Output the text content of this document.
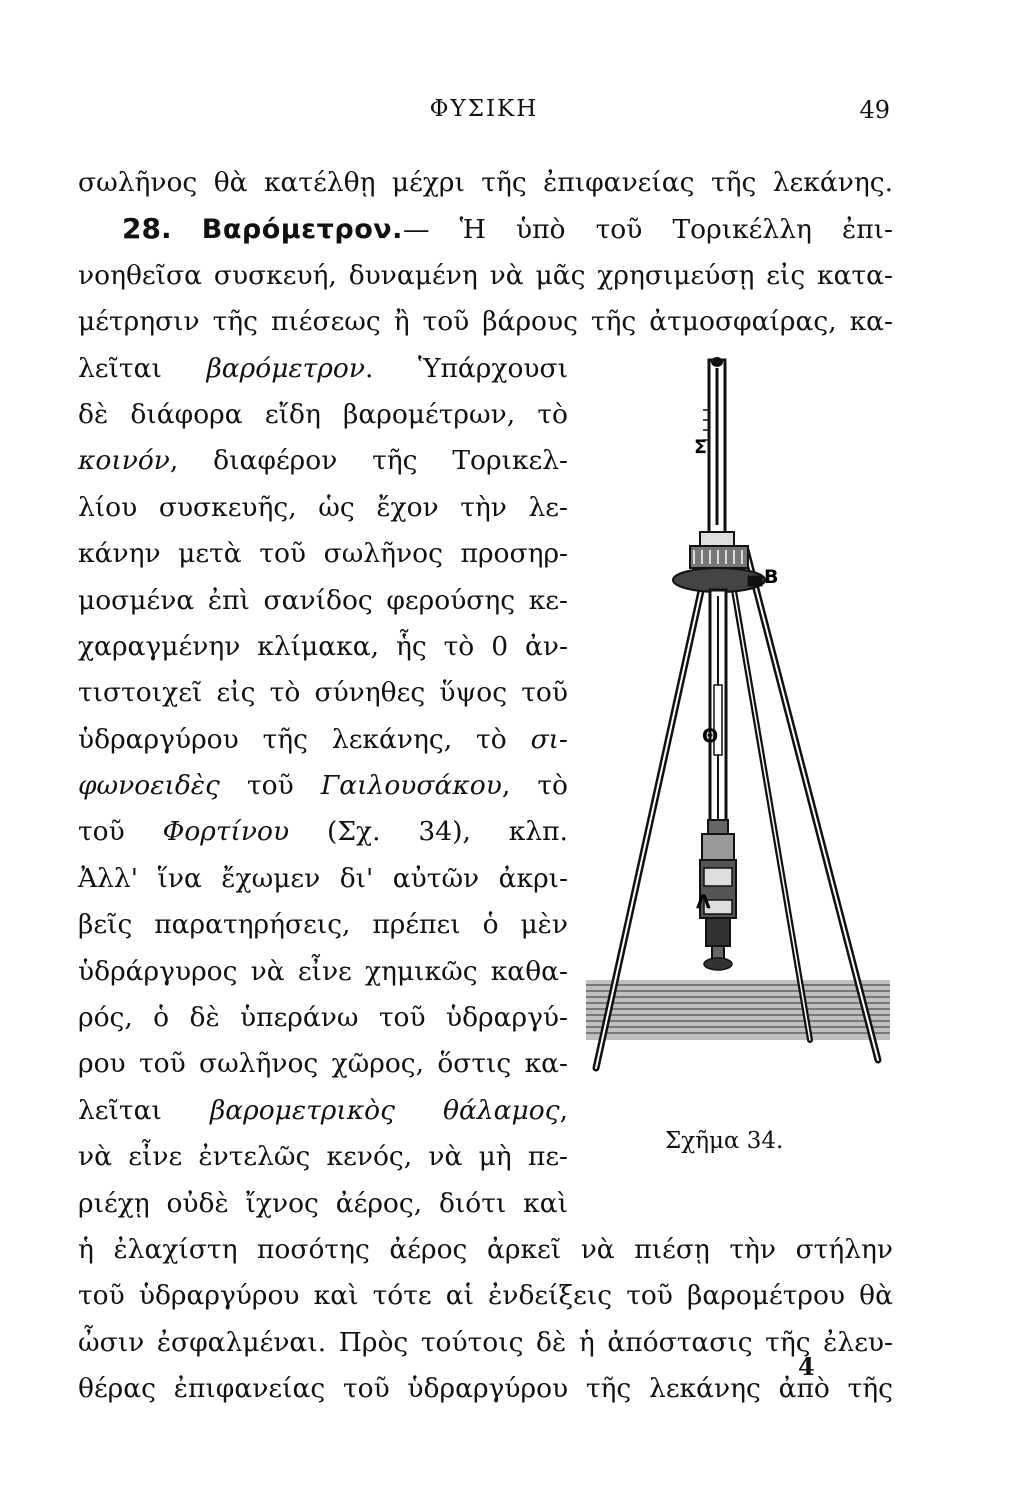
ΦΥΣΙΚΗ	49
σωλῆνος θὰ κατέλθῃ μέχρι τῆς ἐπιφανείας τῆς λεκάνης.
28. Βαρόμετρον.— Ἡ ὑπὸ τοῦ Τορικέλλη ἐπι-
νοηθεῖσα συσκευή, δυναμένη νὰ μᾶς χρησιμεύσῃ εἰς κατα-
μέτρησιν τῆς πιέσεως ἢ τοῦ βάρους τῆς ἀτμοσφαίρας, κα-
λεῖται βαρόμετρον. Ὑπάρχουσι
δὲ διάφορα εἴδη βαρομέτρων, τὸ
κοινόν, διαφέρον τῆς Τορικελ-
λίου συσκευῆς, ὡς ἔχον τὴν λε-
κάνην μετὰ τοῦ σωλῆνος προσηρ-
μοσμένα ἐπὶ σανίδος φερούσης κε-
χαραγμένην κλίμακα, ἧς τὸ 0 ἀν-
τιστοιχεῖ εἰς τὸ σύνηθες ὕψος τοῦ
ὑδραργύρου τῆς λεκάνης, τὸ σι-
φωνοειδὲς τοῦ Γαιλουσάκου, τὸ
τοῦ Φορτίνου (Σχ. 34), κλπ.
Ἀλλ' ἵνα ἔχωμεν δι' αὐτῶν ἀκρι-
βεῖς παρατηρήσεις, πρέπει ὁ μὲν
ὑδράργυρος νὰ εἶνε χημικῶς καθα-
ρός, ὁ δὲ ὑπεράνω τοῦ ὑδραργύ-
ρου τοῦ σωλῆνος χῶρος, ὅστις κα-
λεῖται βαρομετρικὸς θάλαμος,
νὰ εἶνε ἐντελῶς κενός, νὰ μὴ πε-
ριέχῃ οὐδὲ ἴχνος ἀέρος, διότι καὶ
ἡ ἐλαχίστη ποσότης ἀέρος ἀρκεῖ νὰ πιέσῃ τὴν στήλην
τοῦ ὑδραργύρου καὶ τότε αἱ ἐνδείξεις τοῦ βαρομέτρου θὰ
ὦσιν ἐσφαλμέναι. Πρὸς τούτοις δὲ ἡ ἀπόστασις τῆς ἐλευ-
θέρας ἐπιφανείας τοῦ ὑδραργύρου τῆς λεκάνης ἀπὸ τῆς
Σ
Β
Θ
Λ
Σχῆμα 34.
4
